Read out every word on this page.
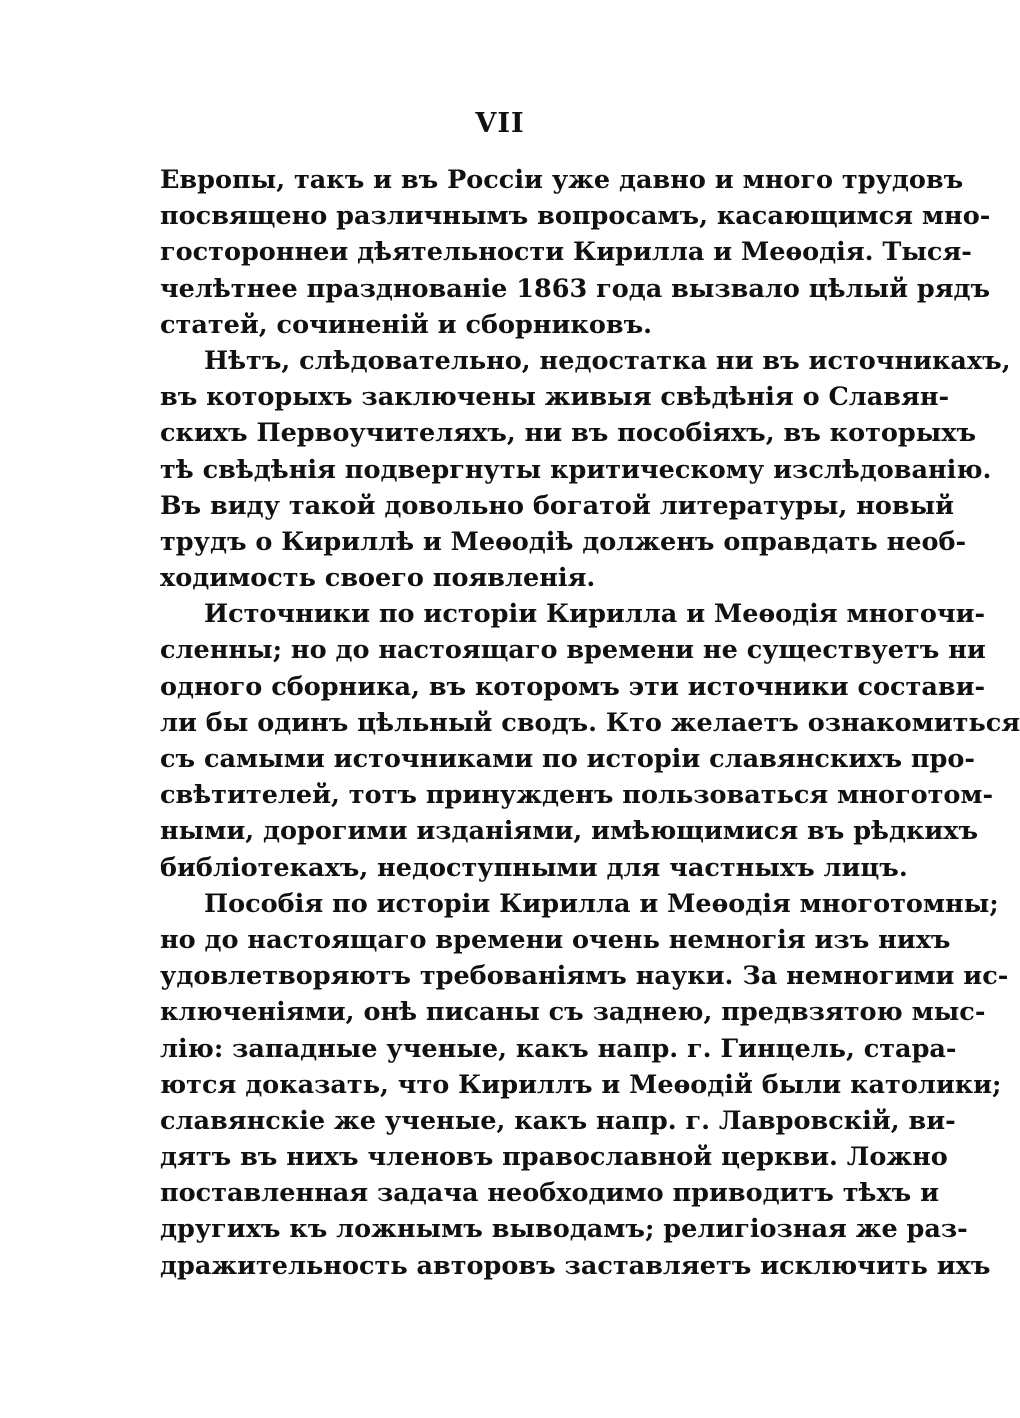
VII
Европы, такъ и въ Россіи уже давно и много трудовъ
посвящено различнымъ вопросамъ, касающимся мно-
гостороннеи дѣятельности Кирилла и Меѳодія. Тыся-
челѣтнее празднованіе 1863 года вызвало цѣлый рядъ
статей, сочиненій и сборниковъ.
Нѣтъ, слѣдовательно, недостатка ни въ источникахъ,
въ которыхъ заключены живыя свѣдѣнія о Славян-
скихъ Первоучителяхъ, ни въ пособіяхъ, въ которыхъ
тѣ свѣдѣнія подвергнуты критическому изслѣдованію.
Въ виду такой довольно богатой литературы, новый
трудъ о Кириллѣ и Меѳодіѣ долженъ оправдать необ-
ходимость своего появленія.
Источники по исторіи Кирилла и Меѳодія многочи-
сленны; но до настоящаго времени не существуетъ ни
одного сборника, въ которомъ эти источники состави-
ли бы одинъ цѣльный сводъ. Кто желаетъ ознакомиться
съ самыми источниками по исторіи славянскихъ про-
свѣтителей, тотъ принужденъ пользоваться многотом-
ными, дорогими изданіями, имѣющимися въ рѣдкихъ
библіотекахъ, недоступными для частныхъ лицъ.
Пособія по исторіи Кирилла и Меѳодія многотомны;
но до настоящаго времени очень немногія изъ нихъ
удовлетворяютъ требованіямъ науки. За немногими ис-
ключеніями, онѣ писаны съ заднею, предвзятою мыс-
лію: западные ученые, какъ напр. г. Гинцель, стара-
ются доказать, что Кириллъ и Меѳодій были католики;
славянскіе же ученые, какъ напр. г. Лавровскій, ви-
дятъ въ нихъ членовъ православной церкви. Ложно
поставленная задача необходимо приводитъ тѣхъ и
другихъ къ ложнымъ выводамъ; религіозная же раз-
дражительность авторовъ заставляетъ исключить ихъ
